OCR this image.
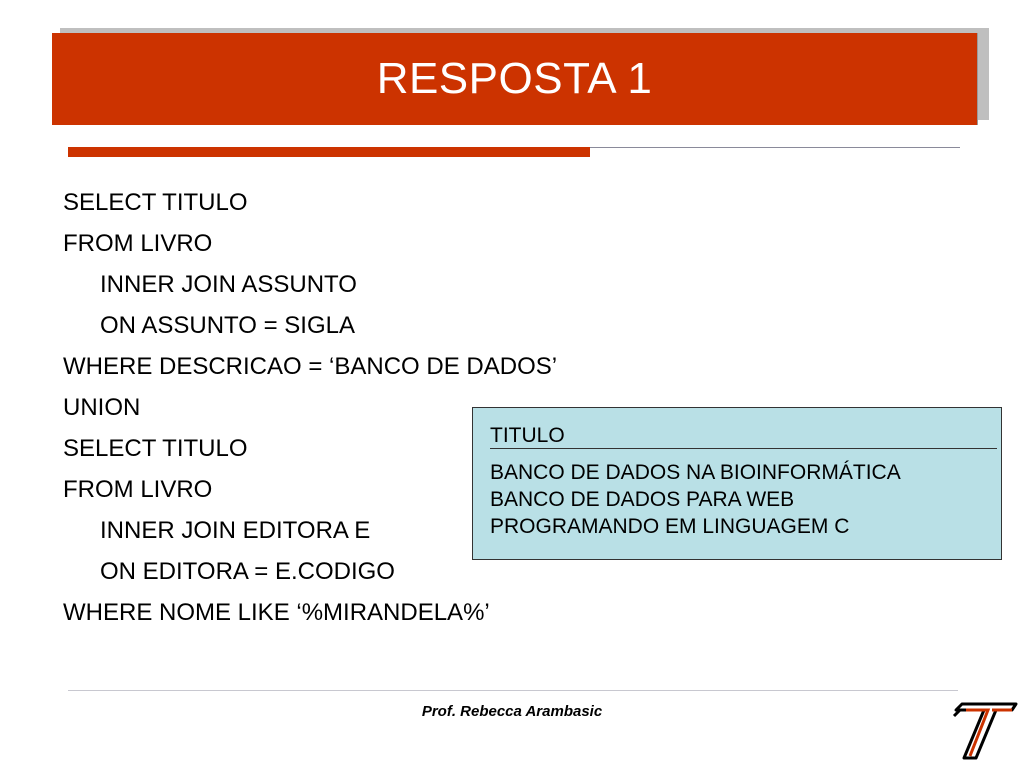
RESPOSTA 1
SELECT TITULO
FROM LIVRO
INNER JOIN ASSUNTO
ON ASSUNTO = SIGLA
WHERE DESCRICAO = ‘BANCO DE DADOS’
UNION
SELECT TITULO
FROM LIVRO
INNER JOIN EDITORA E
ON EDITORA = E.CODIGO
WHERE NOME LIKE ‘%MIRANDELA%’
TITULO
BANCO DE DADOS NA BIOINFORMÁTICA
BANCO DE DADOS PARA WEB
PROGRAMANDO EM LINGUAGEM C
Prof. Rebecca Arambasic
